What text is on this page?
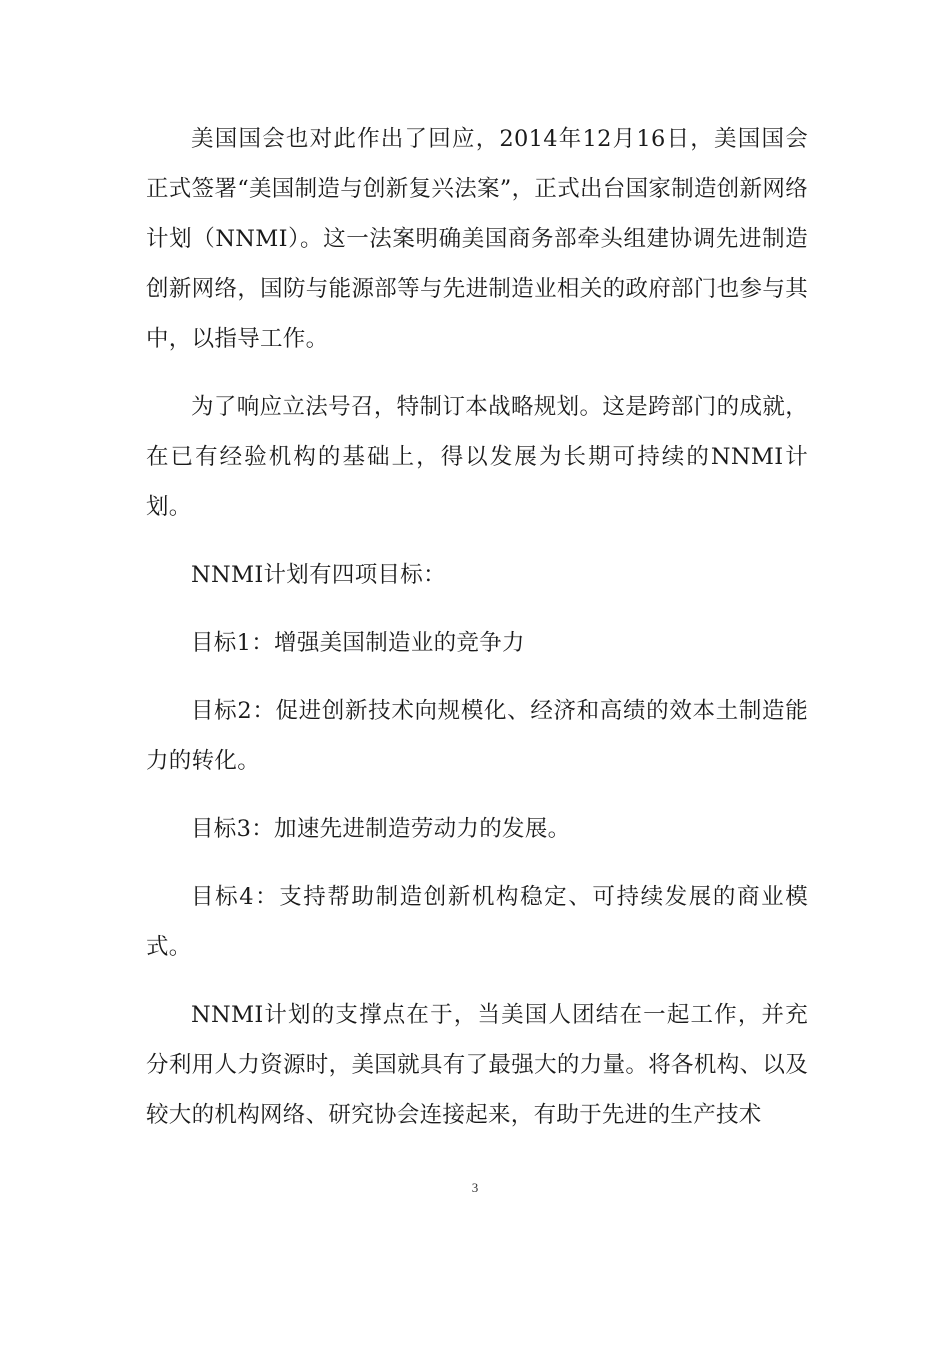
美国国会也对此作出了回应，2014年12月16日，美国国会正式签署“美国制造与创新复兴法案”，正式出台国家制造创新网络计划（NNMI）。这一法案明确美国商务部牵头组建协调先进制造创新网络，国防与能源部等与先进制造业相关的政府部门也参与其中，以指导工作。

为了响应立法号召，特制订本战略规划。这是跨部门的成就，在已有经验机构的基础上，得以发展为长期可持续的NNMI计划。

NNMI计划有四项目标：

目标1：增强美国制造业的竞争力

目标2：促进创新技术向规模化、经济和高绩的效本土制造能力的转化。

目标3：加速先进制造劳动力的发展。

目标4：支持帮助制造创新机构稳定、可持续发展的商业模式。

NNMI计划的支撑点在于，当美国人团结在一起工作，并充分利用人力资源时，美国就具有了最强大的力量。将各机构、以及较大的机构网络、研究协会连接起来，有助于先进的生产技术

3
